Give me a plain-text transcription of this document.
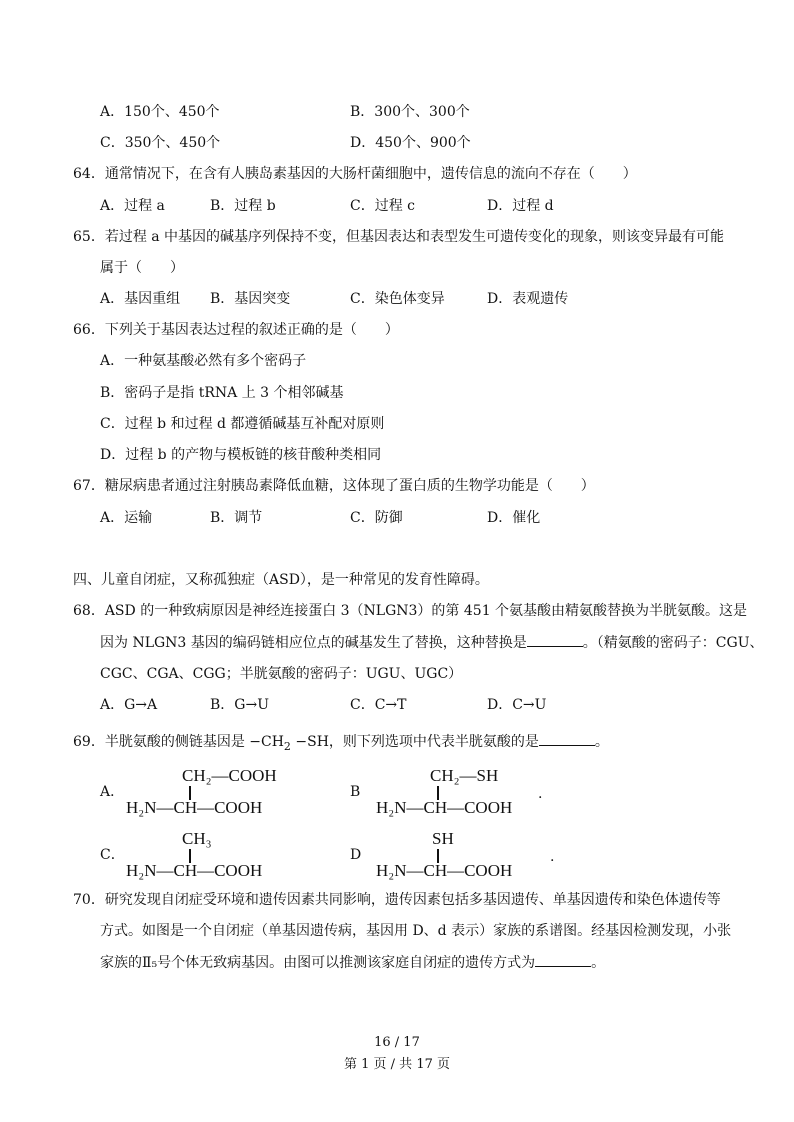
A．150个、450个	B．300个、300个
C．350个、450个	D．450个、900个
64．通常情况下，在含有人胰岛素基因的大肠杆菌细胞中，遗传信息的流向不存在（　　）
A．过程 a	B．过程 b	C．过程 c	D．过程 d
65．若过程 a 中基因的碱基序列保持不变，但基因表达和表型发生可遗传变化的现象，则该变异最有可能
属于（　　）
A．基因重组 B．基因突变	C．染色体变异	D．表观遗传
66．下列关于基因表达过程的叙述正确的是（　　）
A．一种氨基酸必然有多个密码子
B．密码子是指 tRNA 上 3 个相邻碱基
C．过程 b 和过程 d 都遵循碱基互补配对原则
D．过程 b 的产物与模板链的核苷酸种类相同
67．糖尿病患者通过注射胰岛素降低血糖，这体现了蛋白质的生物学功能是（　　）
A．运输	B．调节	C．防御	D．催化
四、儿童自闭症，又称孤独症（ASD），是一种常见的发育性障碍。
68．ASD 的一种致病原因是神经连接蛋白 3（NLGN3）的第 451 个氨基酸由精氨酸替换为半胱氨酸。这是
因为 NLGN3 基因的编码链相应位点的碱基发生了替换，这种替换是	。（精氨酸的密码子：CGU、
CGC、CGA、CGG；半胱氨酸的密码子：UGU、UGC）
A．G→A	B．G→U	C．C→T	D．C→U
69．半胱氨酸的侧链基因是 $-CH_2 -SH$，则下列选项中代表半胱氨酸的是	。
A．
CH₂—COOH
H₂N—CH—COOH
B
CH₂—SH
H₂N—CH—COOH
.
C．
CH₃
H₂N—CH—COOH
D
SH
H₂N—CH—COOH
.
70．研究发现自闭症受环境和遗传因素共同影响，遗传因素包括多基因遗传、单基因遗传和染色体遗传等
方式。如图是一个自闭症（单基因遗传病，基因用 D、d 表示）家族的系谱图。经基因检测发现，小张
家族的Ⅱ₅号个体无致病基因。由图可以推测该家庭自闭症的遗传方式为	。
16 / 17
第 1 页 / 共 17 页
